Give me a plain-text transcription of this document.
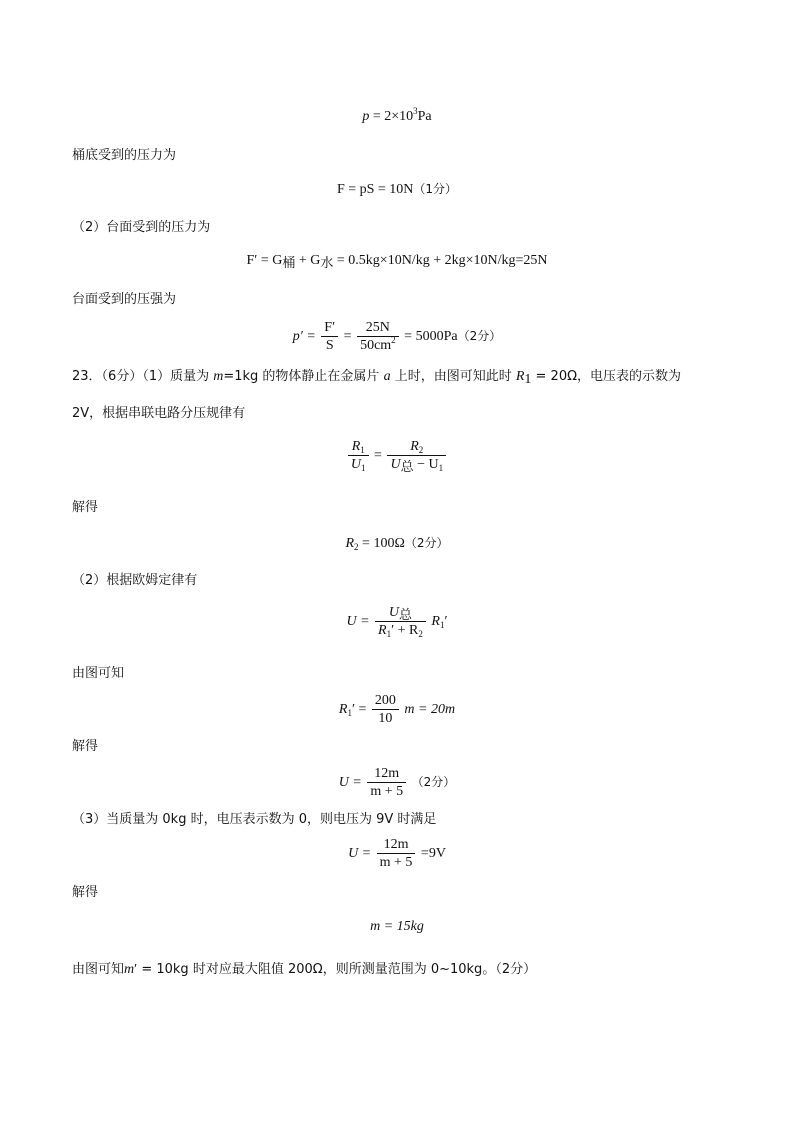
$p = 2\times 10^3Pa$
桶底受到的压力为
F = pS = 10N（1分）
（2）台面受到的压力为
$F' = G_桶 + G_水 = 0.5kg\times 10N/kg + 2kg\times 10N/kg=25N$
台面受到的压强为
$p' = \frac{F'}{S} = \frac{25N}{50cm^2} = 5000Pa(2$分）
23．（6分）（1）质量为 m=1kg 的物体静止在金属片 a 上时，由图可知此时 $R_1 = 20\Omega$，电压表的示数为
2V，根据串联电路分压规律有
$\frac{R_1}{U_1} = \frac{R_2}{U_总 - U_1}$
解得
$R_2 = 100\Omega(2$分）
（2）根据欧姆定律有
$U = \frac{U_总}{R_1' + R_2} R_1'$
由图可知
$R_1' = \frac{200}{10}$ m = 20m
解得
$U = \frac{12m}{m + 5} (2$分）
（3）当质量为 0kg 时，电压表示数为 0，则电压为 9V 时满足
$U = \frac{12m}{m + 5} =9V$
解得
m = 15kg
由图可知m′ = 10kg 时对应最大阻值 200Ω，则所测量范围为 0~10kg。（2分）
